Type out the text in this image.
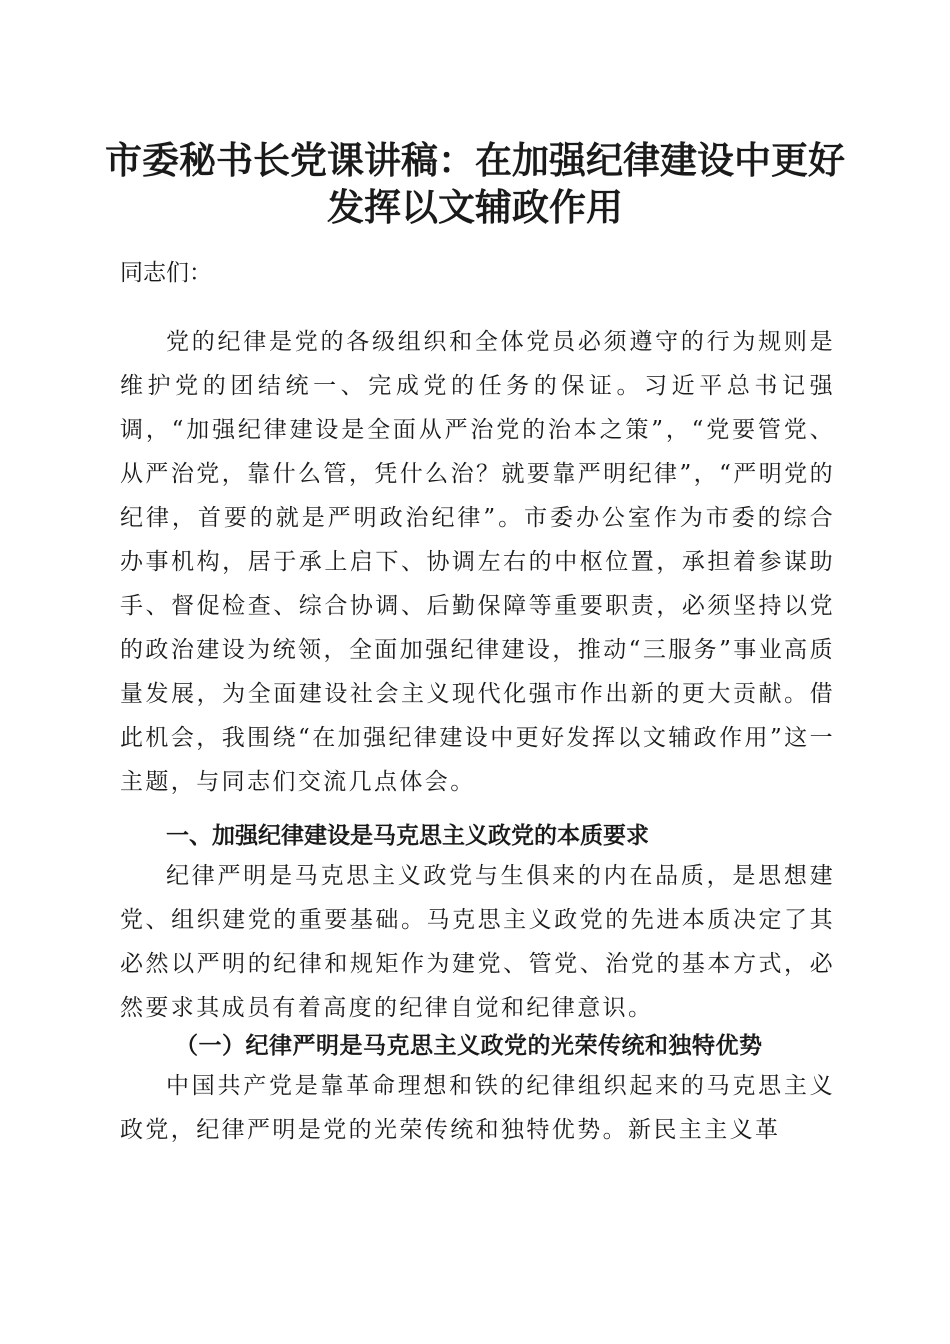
市委秘书长党课讲稿：在加强纪律建设中更好
发挥以文辅政作用

同志们：

党的纪律是党的各级组织和全体党员必须遵守的行为规则是维护党的团结统一、完成党的任务的保证。习近平总书记强调，“加强纪律建设是全面从严治党的治本之策”，“党要管党、从严治党，靠什么管，凭什么治？就要靠严明纪律”，“严明党的纪律，首要的就是严明政治纪律”。市委办公室作为市委的综合办事机构，居于承上启下、协调左右的中枢位置，承担着参谋助手、督促检查、综合协调、后勤保障等重要职责，必须坚持以党的政治建设为统领，全面加强纪律建设，推动“三服务”事业高质量发展，为全面建设社会主义现代化强市作出新的更大贡献。借此机会，我围绕“在加强纪律建设中更好发挥以文辅政作用”这一主题，与同志们交流几点体会。

一、加强纪律建设是马克思主义政党的本质要求

纪律严明是马克思主义政党与生俱来的内在品质，是思想建党、组织建党的重要基础。马克思主义政党的先进本质决定了其必然以严明的纪律和规矩作为建党、管党、治党的基本方式，必然要求其成员有着高度的纪律自觉和纪律意识。

（一）纪律严明是马克思主义政党的光荣传统和独特优势

中国共产党是靠革命理想和铁的纪律组织起来的马克思主义政党，纪律严明是党的光荣传统和独特优势。新民主主义革
